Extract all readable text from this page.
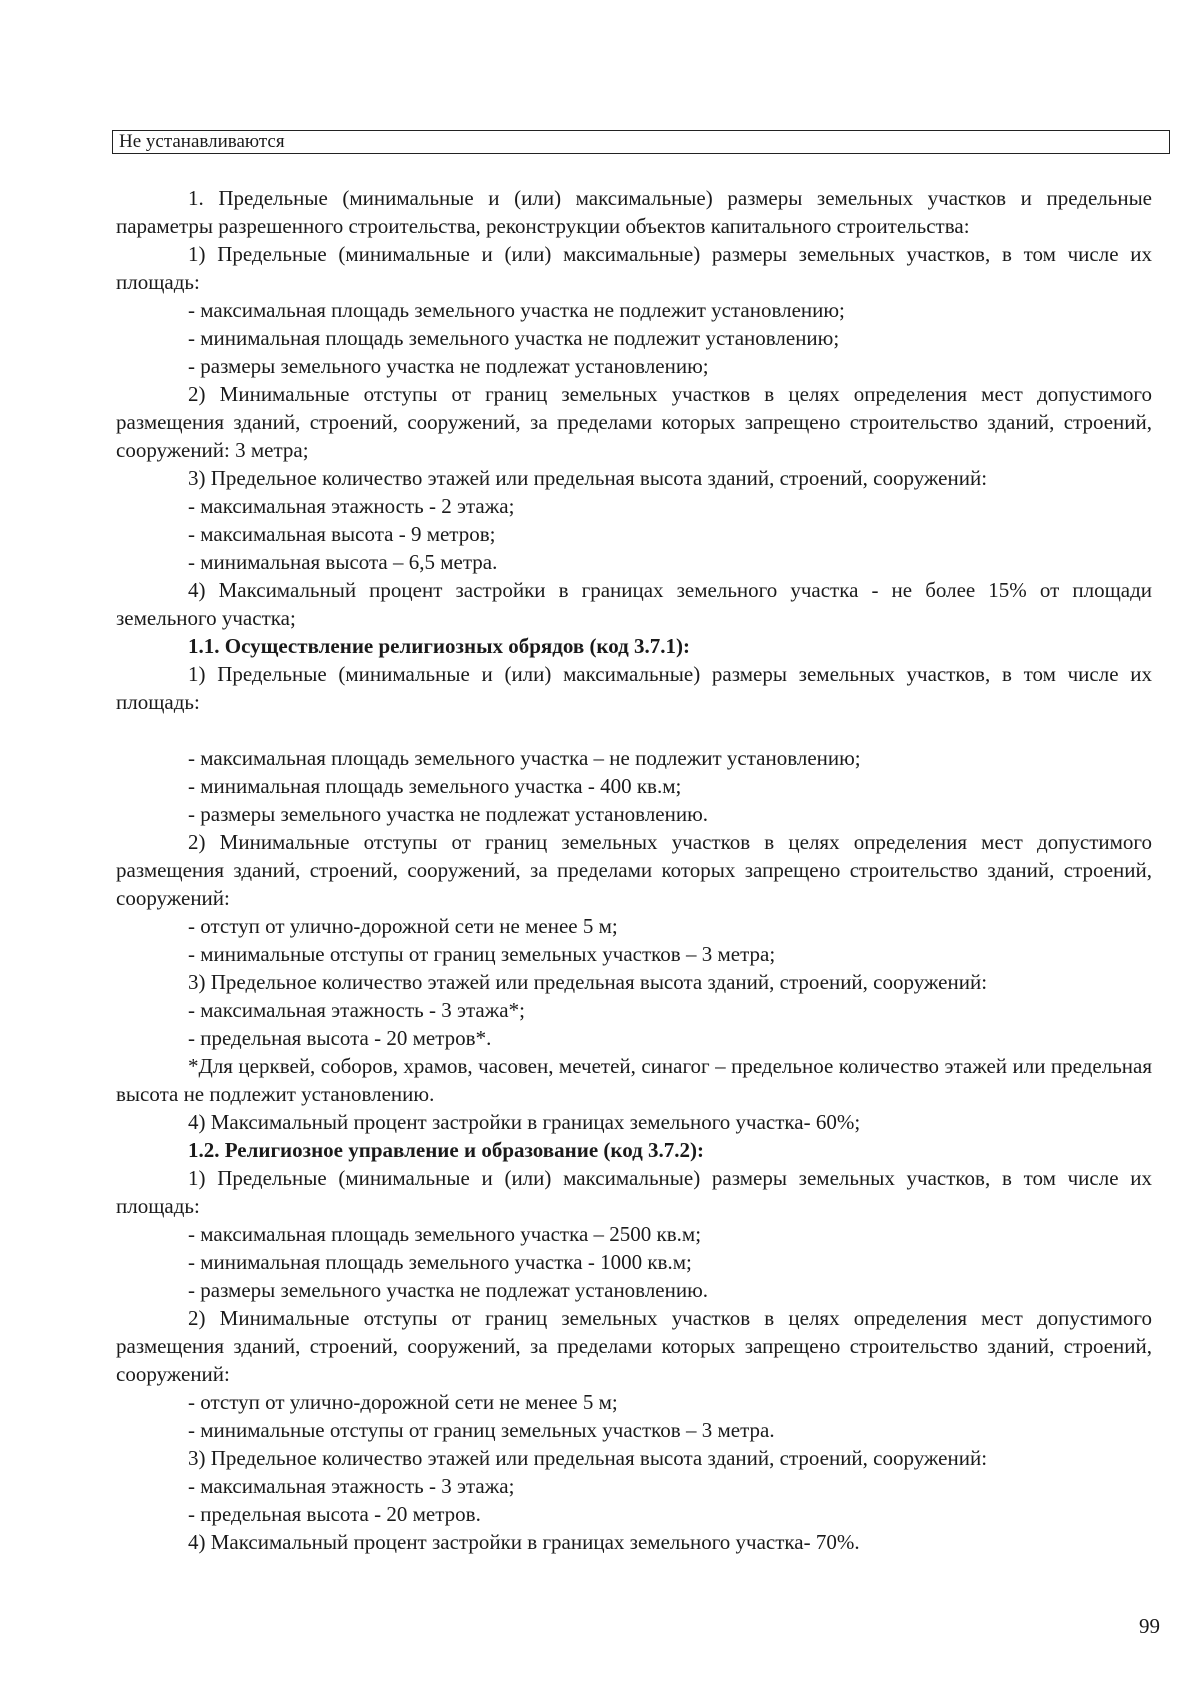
Не устанавливаются

1. Предельные (минимальные и (или) максимальные) размеры земельных участков и предельные параметры разрешенного строительства, реконструкции объектов капитального строительства:

1) Предельные (минимальные и (или) максимальные) размеры земельных участков, в том числе их площадь:

- максимальная площадь земельного участка не подлежит установлению;

- минимальная площадь земельного участка не подлежит установлению;

- размеры земельного участка не подлежат установлению;

2) Минимальные отступы от границ земельных участков в целях определения мест допустимого размещения зданий, строений, сооружений, за пределами которых запрещено строительство зданий, строений, сооружений: 3 метра;

3) Предельное количество этажей или предельная высота зданий, строений, сооружений:

- максимальная этажность - 2 этажа;

- максимальная высота - 9 метров;

- минимальная высота – 6,5 метра.

4) Максимальный процент застройки в границах земельного участка - не более 15% от площади земельного участка;

1.1. Осуществление религиозных обрядов (код 3.7.1):

1) Предельные (минимальные и (или) максимальные) размеры земельных участков, в том числе их площадь:

- максимальная площадь земельного участка – не подлежит установлению;

- минимальная площадь земельного участка - 400 кв.м;

- размеры земельного участка не подлежат установлению.

2) Минимальные отступы от границ земельных участков в целях определения мест допустимого размещения зданий, строений, сооружений, за пределами которых запрещено строительство зданий, строений, сооружений:

- отступ от улично-дорожной сети не менее 5 м;

- минимальные отступы от границ земельных участков – 3 метра;

3) Предельное количество этажей или предельная высота зданий, строений, сооружений:

- максимальная этажность - 3 этажа*;

- предельная высота - 20 метров*.

*Для церквей, соборов, храмов, часовен, мечетей, синагог – предельное количество этажей или предельная высота не подлежит установлению.

4) Максимальный процент застройки в границах земельного участка- 60%;

1.2. Религиозное управление и образование (код 3.7.2):

1) Предельные (минимальные и (или) максимальные) размеры земельных участков, в том числе их площадь:

- максимальная площадь земельного участка – 2500 кв.м;

- минимальная площадь земельного участка - 1000 кв.м;

- размеры земельного участка не подлежат установлению.

2) Минимальные отступы от границ земельных участков в целях определения мест допустимого размещения зданий, строений, сооружений, за пределами которых запрещено строительство зданий, строений, сооружений:

- отступ от улично-дорожной сети не менее 5 м;

- минимальные отступы от границ земельных участков – 3 метра.

3) Предельное количество этажей или предельная высота зданий, строений, сооружений:

- максимальная этажность - 3 этажа;

- предельная высота - 20 метров.

4) Максимальный процент застройки в границах земельного участка- 70%.

99
